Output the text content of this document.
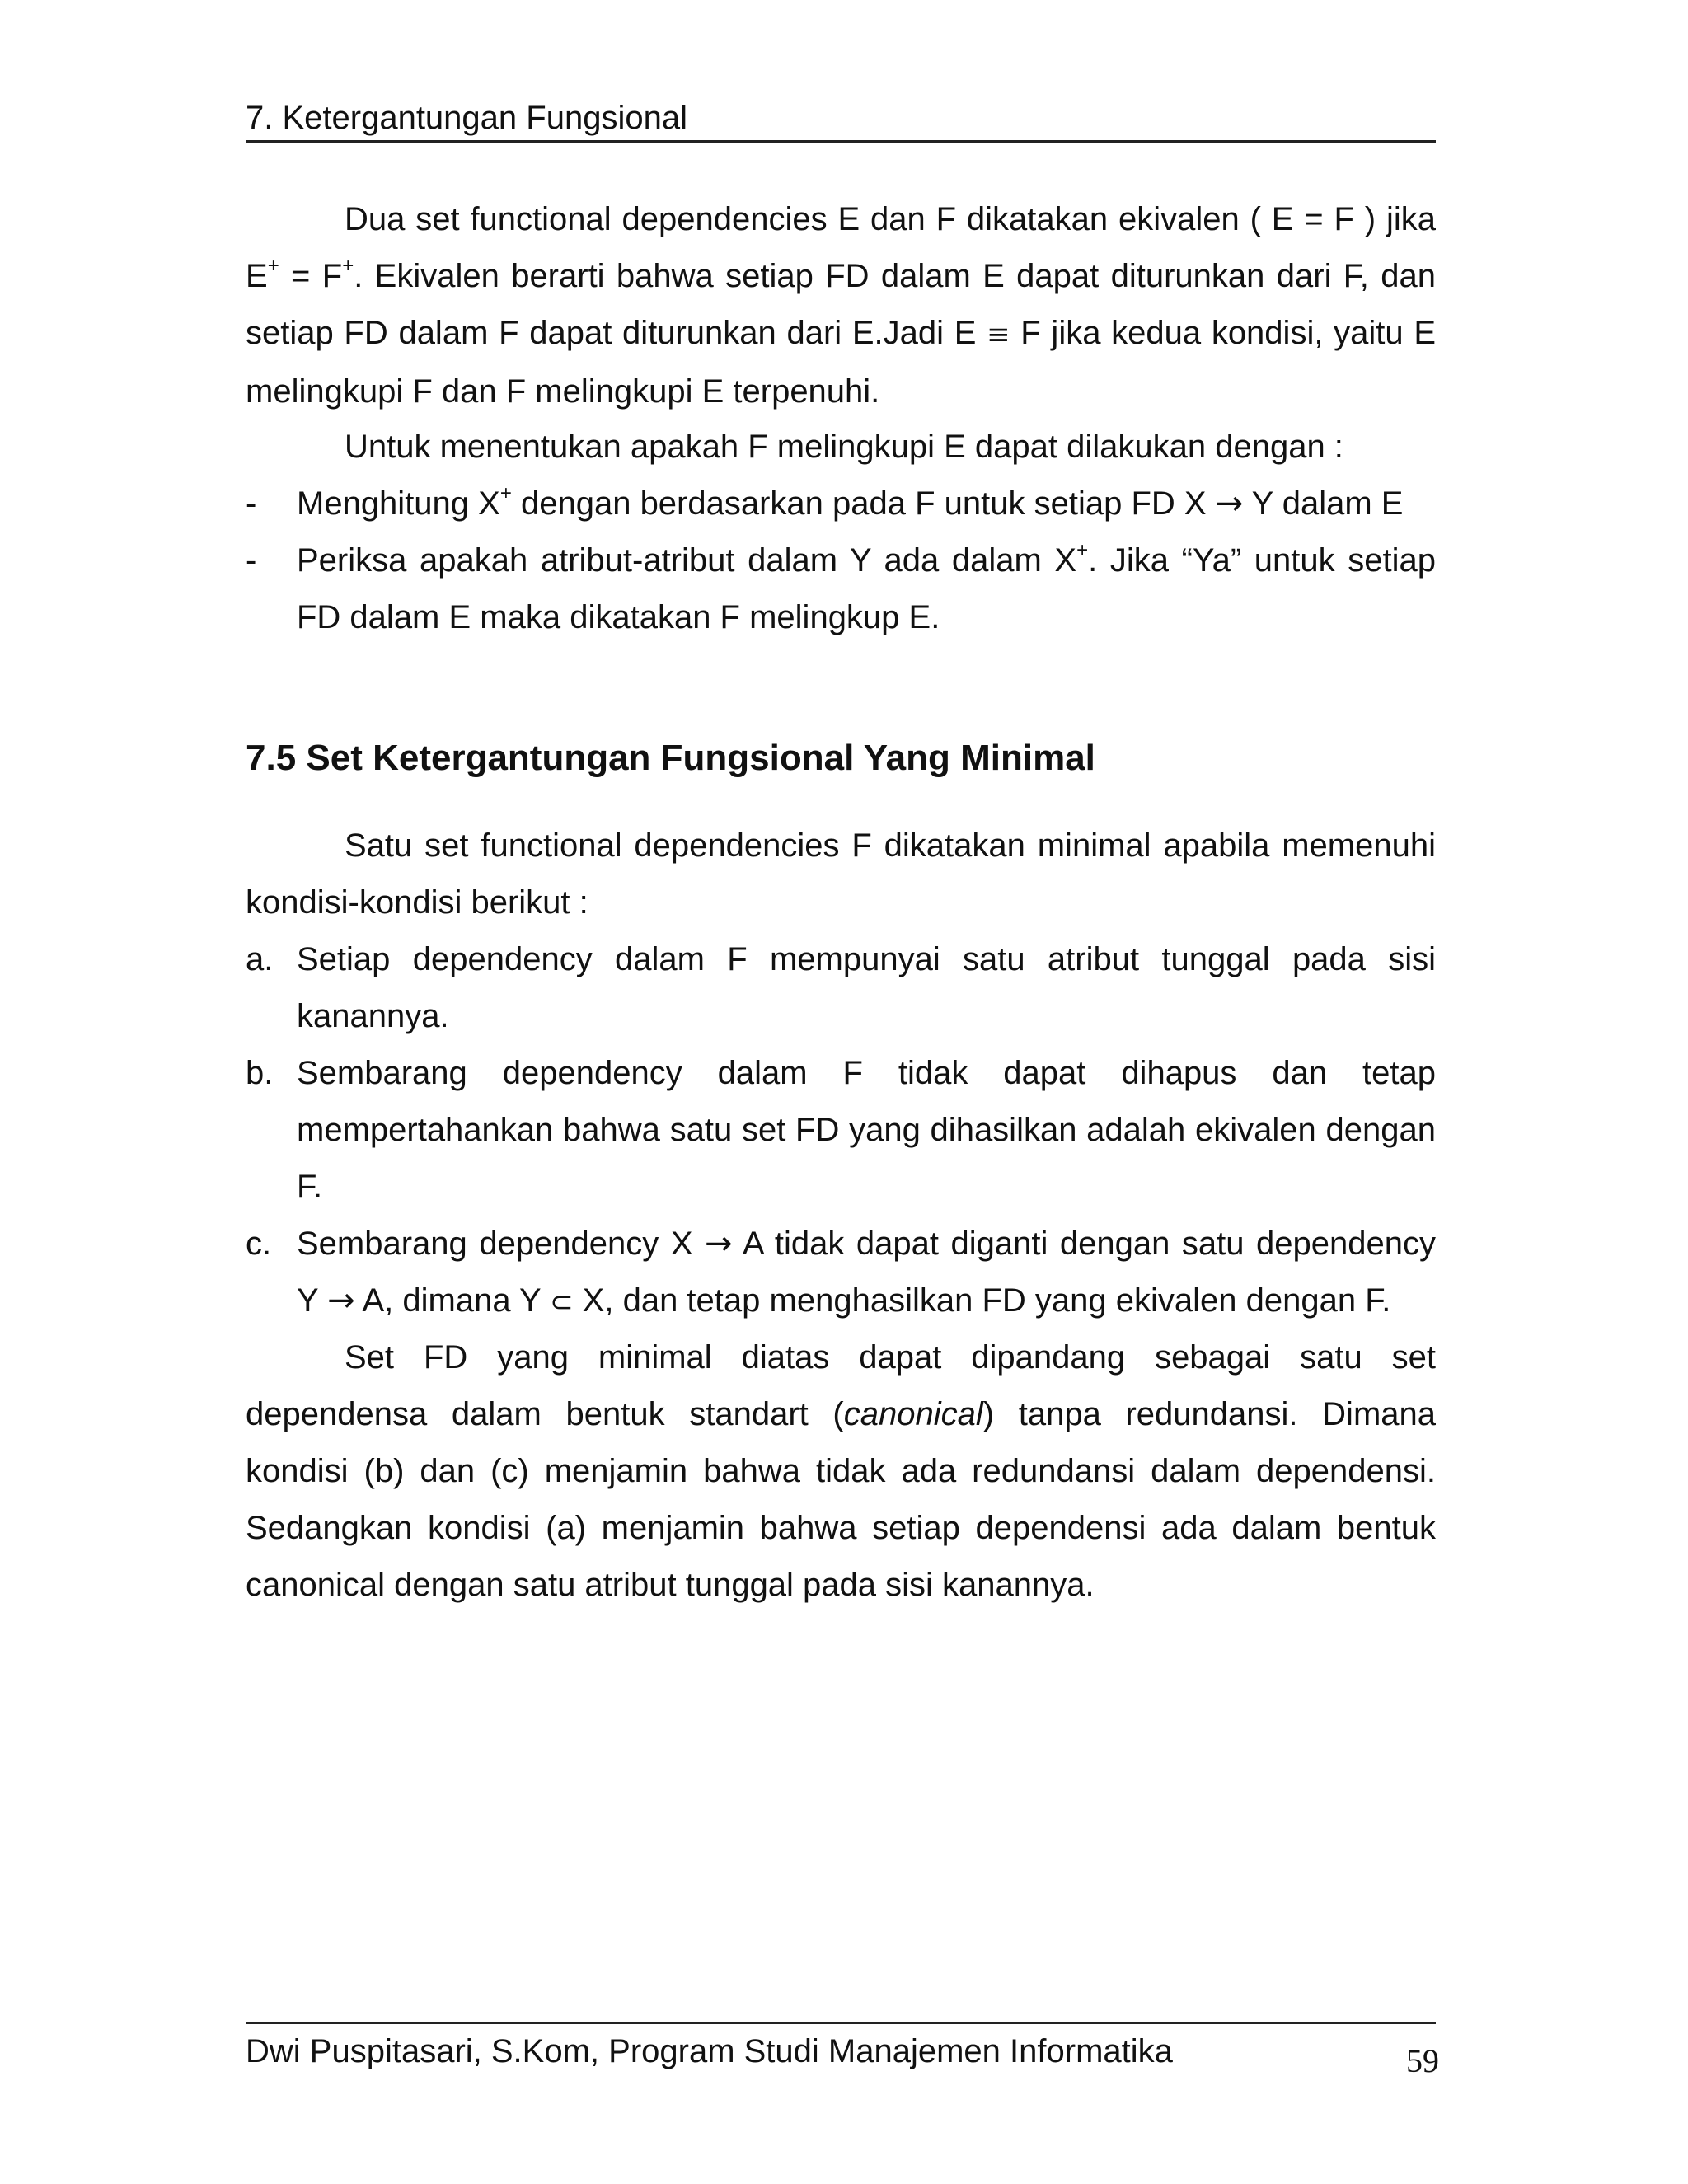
7. Ketergantungan Fungsional

Dua set functional dependencies E dan F dikatakan ekivalen ( E = F ) jika E+ = F+. Ekivalen berarti bahwa setiap FD dalam E dapat diturunkan dari F, dan setiap FD dalam F dapat diturunkan dari E.Jadi E ≡ F jika kedua kondisi, yaitu E melingkupi F dan F melingkupi E terpenuhi.

Untuk menentukan apakah F melingkupi E dapat dilakukan dengan :

- Menghitung X+ dengan berdasarkan pada F untuk setiap FD X → Y dalam E
- Periksa apakah atribut-atribut dalam Y ada dalam X+. Jika “Ya” untuk setiap FD dalam E maka dikatakan F melingkup E.
7.5 Set Ketergantungan Fungsional Yang Minimal

Satu set functional dependencies F dikatakan minimal apabila memenuhi kondisi-kondisi berikut :

a. Setiap dependency dalam F mempunyai satu atribut tunggal pada sisi kanannya.
b. Sembarang dependency dalam F tidak dapat dihapus dan tetap mempertahankan bahwa satu set FD yang dihasilkan adalah ekivalen dengan F.
c. Sembarang dependency X → A tidak dapat diganti dengan satu dependency Y → A, dimana Y ⊂ X, dan tetap menghasilkan FD yang ekivalen dengan F.

Set FD yang minimal diatas dapat dipandang sebagai satu set dependensa dalam bentuk standart (canonical) tanpa redundansi. Dimana kondisi (b) dan (c) menjamin bahwa tidak ada redundansi dalam dependensi. Sedangkan kondisi (a) menjamin bahwa setiap dependensi ada dalam bentuk canonical dengan satu atribut tunggal pada sisi kanannya.

Dwi Puspitasari, S.Kom, Program Studi Manajemen Informatika	59
